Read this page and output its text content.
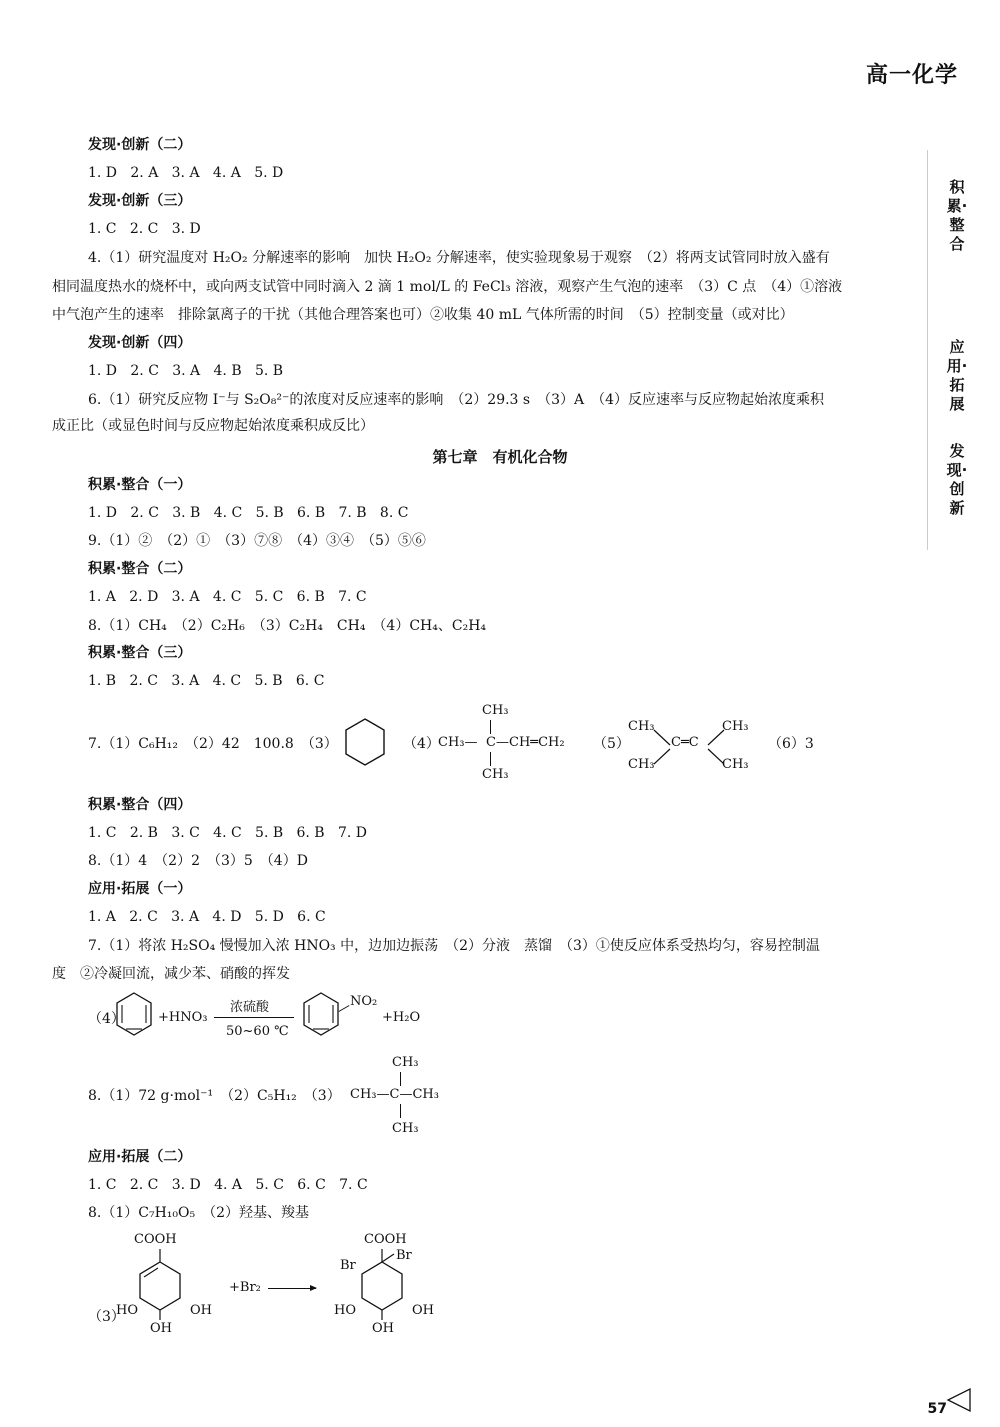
高一化学
积累·整合
应用·拓展
发现·创新
发现·创新（二）
1. D   2. A   3. A   4. A   5. D
发现·创新（三）
1. C   2. C   3. D
4.（1）研究温度对 H₂O₂ 分解速率的影响　加快 H₂O₂ 分解速率，使实验现象易于观察　（2）将两支试管同时放入盛有
相同温度热水的烧杯中，或向两支试管中同时滴入 2 滴 1 mol/L 的 FeCl₃ 溶液，观察产生气泡的速率　（3）C 点　（4）①溶液
中气泡产生的速率　排除氯离子的干扰（其他合理答案也可）②收集 40 mL 气体所需的时间　（5）控制变量（或对比）
发现·创新（四）
1. D   2. C   3. A   4. B   5. B
6.（1）研究反应物 I⁻与 S₂O₈²⁻的浓度对反应速率的影响　（2）29.3 s　（3）A　（4）反应速率与反应物起始浓度乘积
成正比（或显色时间与反应物起始浓度乘积成反比）
第七章　有机化合物
积累·整合（一）
1. D   2. C   3. B   4. C   5. B   6. B   7. B   8. C
9.（1）②　（2）①　（3）⑦⑧　（4）③④　（5）⑤⑥
积累·整合（二）
1. A   2. D   3. A   4. C   5. C   6. B   7. C
8.（1）CH₄　（2）C₂H₆　（3）C₂H₄　CH₄　（4）CH₄、C₂H₄
积累·整合（三）
1. B   2. C   3. A   4. C   5. B   6. C
7.（1）C₆H₁₂　（2）42　100.8　（3）	（4）
CH₃
CH₃— C —CH═CH₂
CH₃
（5）
CH₃
CH₃
C═C
CH₃
CH₃
（6）3
积累·整合（四）
1. C   2. B   3. C   4. C   5. B   6. B   7. D
8.（1）4　（2）2　（3）5　（4）D
应用·拓展（一）
1. A   2. C   3. A   4. D   5. D   6. C
7.（1）将浓 H₂SO₄ 慢慢加入浓 HNO₃ 中，边加边振荡　（2）分液　蒸馏　（3）①使反应体系受热均匀，容易控制温
度　②冷凝回流，减少苯、硝酸的挥发
（4）	+HNO₃
浓硫酸
50~60 ℃
NO₂
+H₂O
8.（1）72 g·mol⁻¹　（2）C₅H₁₂　（3）
CH₃
CH₃—C—CH₃
CH₃
应用·拓展（二）
1. C   2. C   3. D   4. A   5. C   6. C   7. C
8.（1）C₇H₁₀O₅　（2）羟基、羧基
（3）
COOH
HO	OH
OH
+Br₂
COOH
Br
Br
HO	OH
OH
57
